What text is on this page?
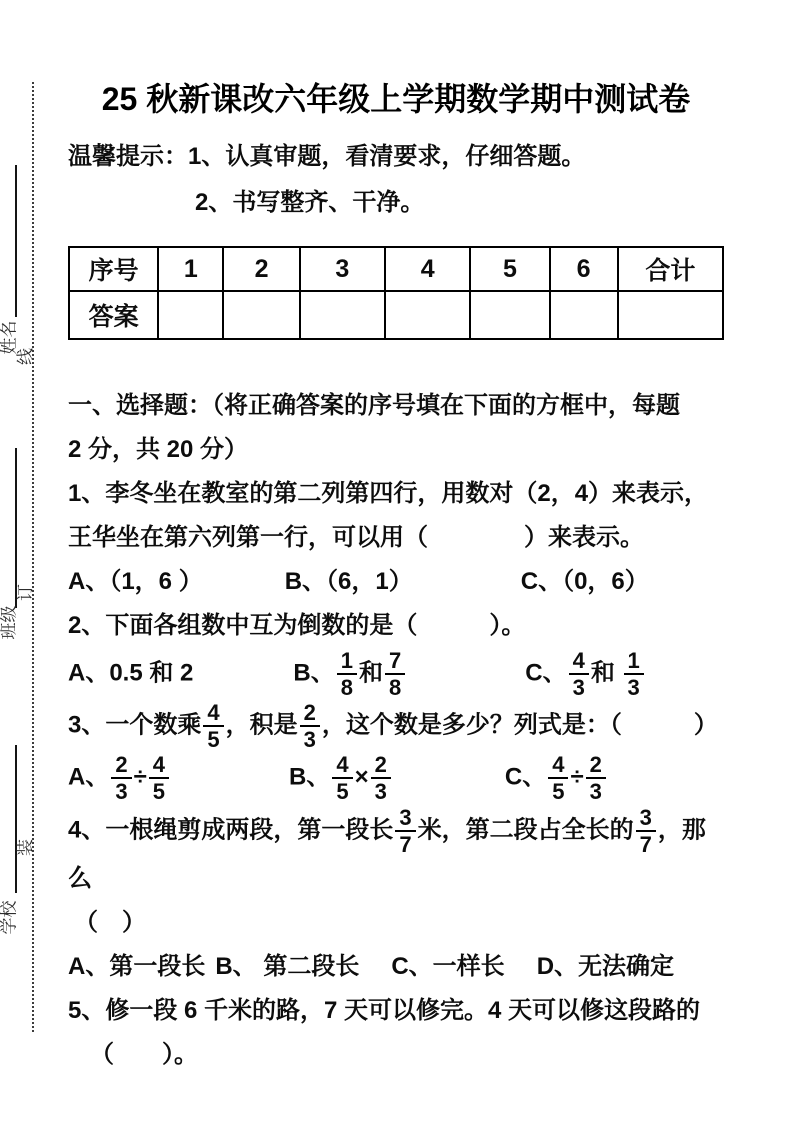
姓名
班级
学校
线
订
装
25 秋新课改六年级上学期数学期中测试卷
温馨提示：1、认真审题，看清要求，仔细答题。
2、书写整齐、干净。
序号	1	2	3	4	5	6	合计
答案							
一、选择题：（将正确答案的序号填在下面的方框中，每题
2 分，共 20 分）
1、李冬坐在教室的第二列第四行，用数对（2，4）来表示，
王华坐在第六列第一行，可以用（　　　　）来表示。
A、（1，6 ）	B、（6，1）	C、（0，6）
2、下面各组数中互为倒数的是（　　　）。
A、0.5 和 2	B、 $\frac{1}{8}$ 和 $\frac{7}{8}$	C、 $\frac{4}{3}$ 和 $\frac{1}{3}$
3、一个数乘 $\frac{4}{5}$ ，积是 $\frac{2}{3}$ ，这个数是多少？列式是：（　　　）
A、 $\frac{2}{3} \div \frac{4}{5}$	B、 $\frac{4}{5} \times \frac{2}{3}$	C、 $\frac{4}{5} \div \frac{2}{3}$
4、一根绳剪成两段，第一段长 $\frac{3}{7}$ 米，第二段占全长的 $\frac{3}{7}$ ，那么
（　）
A、第一段长 B、 第二段长 C、一样长 D、无法确定
5、修一段 6 千米的路，7 天可以修完。4 天可以修这段路的
（　　）。
